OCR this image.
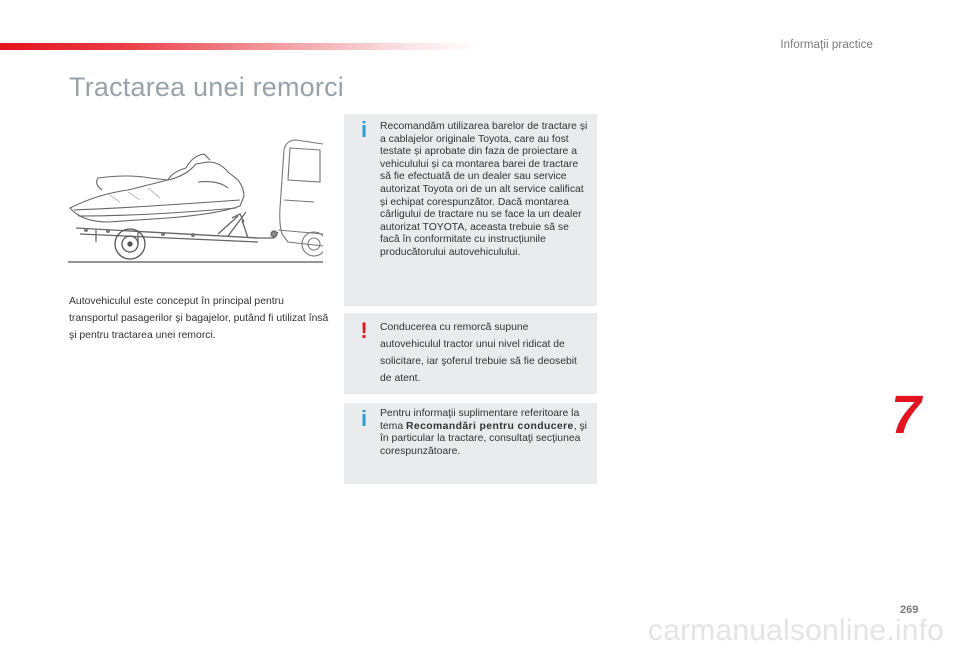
Informaţii practice
Tractarea unei remorci
Autovehiculul este conceput în principal pentru transportul pasagerilor şi bagajelor, putând fi utilizat însă şi pentru tractarea unei remorci.
i Recomandăm utilizarea barelor de tractare și a cablajelor originale Toyota, care au fost testate și aprobate din faza de proiectare a vehiculului și ca montarea barei de tractare să fie efectuată de un dealer sau service autorizat Toyota ori de un alt service calificat și echipat corespunzător. Dacă montarea cârligului de tractare nu se face la un dealer autorizat TOYOTA, aceasta trebuie să se facă în conformitate cu instrucțiunile producătorului autovehiculului.
! Conducerea cu remorcă supune autovehiculul tractor unui nivel ridicat de solicitare, iar şoferul trebuie să fie deosebit de atent.
i Pentru informaţii suplimentare referitoare la tema Recomandări pentru conducere, şi în particular la tractare, consultaţi secţiunea corespunzătoare.
7
269
carmanualsonline.info
